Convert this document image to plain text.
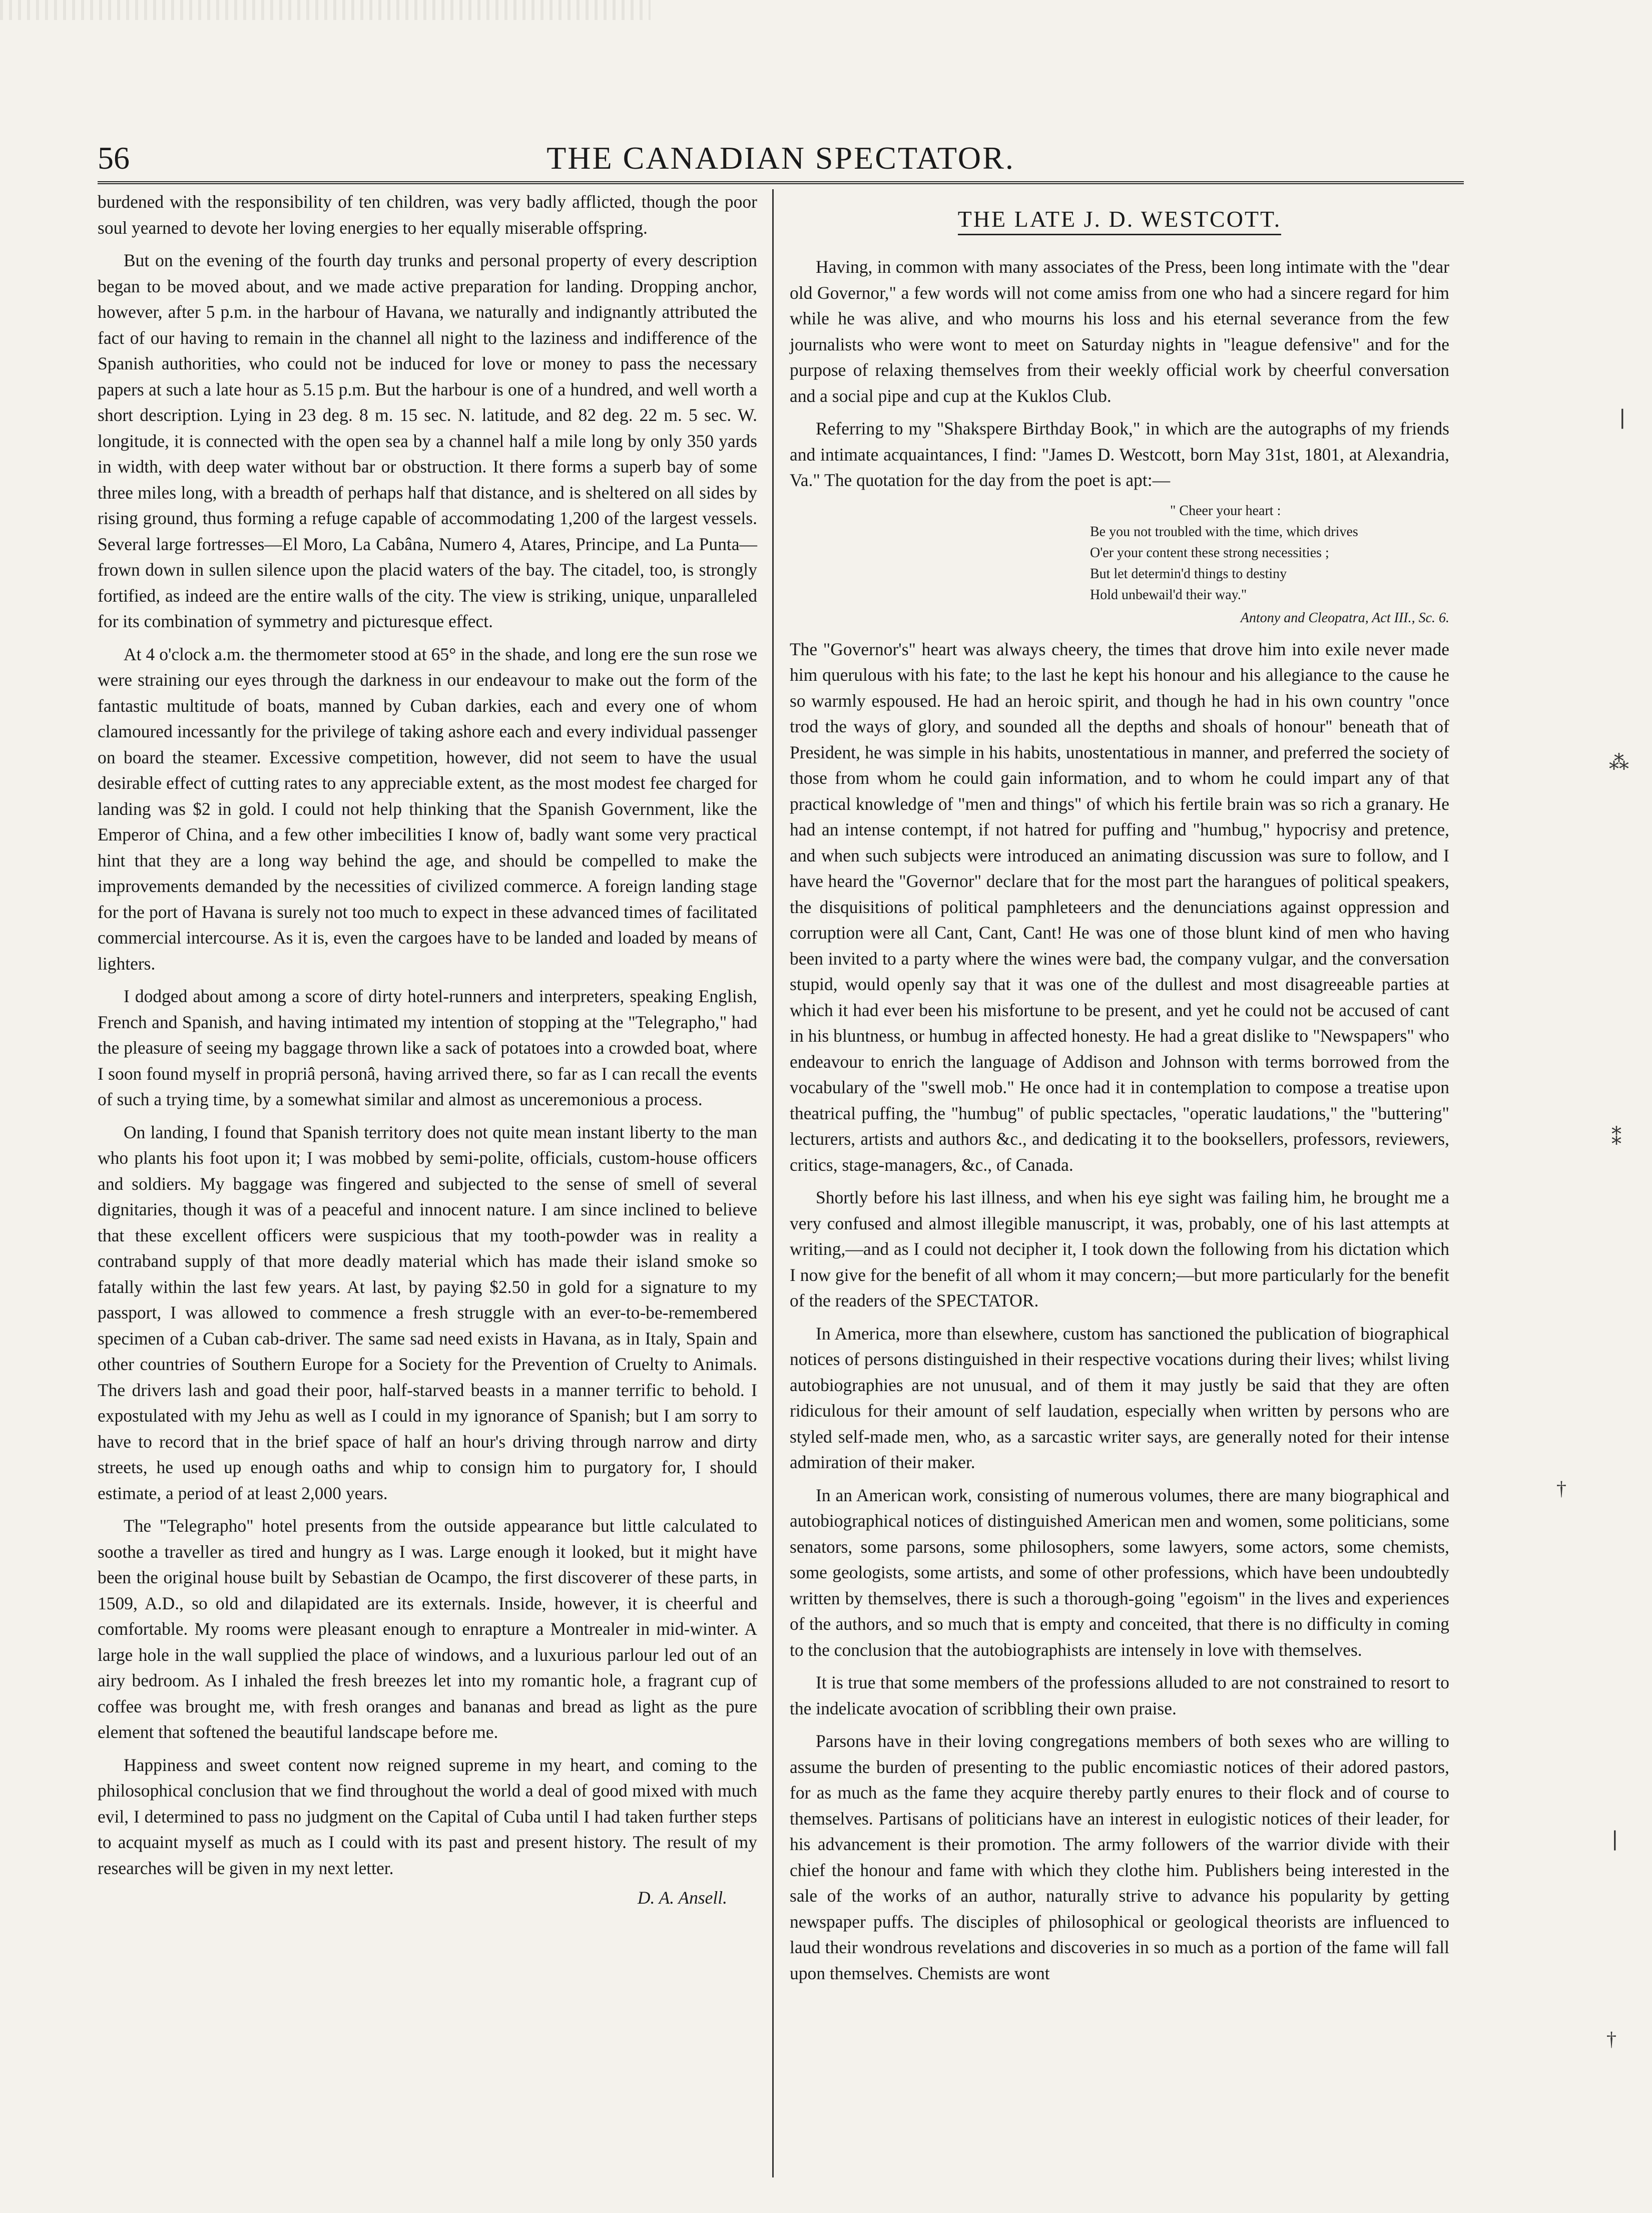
56	THE CANADIAN SPECTATOR.

burdened with the responsibility of ten children, was very badly afflicted, though the poor soul yearned to devote her loving energies to her equally miserable offspring.

But on the evening of the fourth day trunks and personal property of every description began to be moved about, and we made active preparation for landing. Dropping anchor, however, after 5 p.m. in the harbour of Havana, we naturally and indignantly attributed the fact of our having to remain in the channel all night to the laziness and indifference of the Spanish authorities, who could not be induced for love or money to pass the necessary papers at such a late hour as 5.15 p.m. But the harbour is one of a hundred, and well worth a short description. Lying in 23 deg. 8 m. 15 sec. N. latitude, and 82 deg. 22 m. 5 sec. W. longitude, it is connected with the open sea by a channel half a mile long by only 350 yards in width, with deep water without bar or obstruction. It there forms a superb bay of some three miles long, with a breadth of perhaps half that distance, and is sheltered on all sides by rising ground, thus forming a refuge capable of accommodating 1,200 of the largest vessels. Several large fortresses—El Moro, La Cabâna, Numero 4, Atares, Principe, and La Punta—frown down in sullen silence upon the placid waters of the bay. The citadel, too, is strongly fortified, as indeed are the entire walls of the city. The view is striking, unique, unparalleled for its combination of symmetry and picturesque effect.

At 4 o'clock a.m. the thermometer stood at 65° in the shade, and long ere the sun rose we were straining our eyes through the darkness in our endeavour to make out the form of the fantastic multitude of boats, manned by Cuban darkies, each and every one of whom clamoured incessantly for the privilege of taking ashore each and every individual passenger on board the steamer. Excessive competition, however, did not seem to have the usual desirable effect of cutting rates to any appreciable extent, as the most modest fee charged for landing was $2 in gold. I could not help thinking that the Spanish Government, like the Emperor of China, and a few other imbecilities I know of, badly want some very practical hint that they are a long way behind the age, and should be compelled to make the improvements demanded by the necessities of civilized commerce. A foreign landing stage for the port of Havana is surely not too much to expect in these advanced times of facilitated commercial intercourse. As it is, even the cargoes have to be landed and loaded by means of lighters.

I dodged about among a score of dirty hotel-runners and interpreters, speaking English, French and Spanish, and having intimated my intention of stopping at the "Telegrapho," had the pleasure of seeing my baggage thrown like a sack of potatoes into a crowded boat, where I soon found myself in propriâ personâ, having arrived there, so far as I can recall the events of such a trying time, by a somewhat similar and almost as unceremonious a process.

On landing, I found that Spanish territory does not quite mean instant liberty to the man who plants his foot upon it; I was mobbed by semi-polite, officials, custom-house officers and soldiers. My baggage was fingered and subjected to the sense of smell of several dignitaries, though it was of a peaceful and innocent nature. I am since inclined to believe that these excellent officers were suspicious that my tooth-powder was in reality a contraband supply of that more deadly material which has made their island smoke so fatally within the last few years. At last, by paying $2.50 in gold for a signature to my passport, I was allowed to commence a fresh struggle with an ever-to-be-remembered specimen of a Cuban cab-driver. The same sad need exists in Havana, as in Italy, Spain and other countries of Southern Europe for a Society for the Prevention of Cruelty to Animals. The drivers lash and goad their poor, half-starved beasts in a manner terrific to behold. I expostulated with my Jehu as well as I could in my ignorance of Spanish; but I am sorry to have to record that in the brief space of half an hour's driving through narrow and dirty streets, he used up enough oaths and whip to consign him to purgatory for, I should estimate, a period of at least 2,000 years.

The "Telegrapho" hotel presents from the outside appearance but little calculated to soothe a traveller as tired and hungry as I was. Large enough it looked, but it might have been the original house built by Sebastian de Ocampo, the first discoverer of these parts, in 1509, A.D., so old and dilapidated are its externals. Inside, however, it is cheerful and comfortable. My rooms were pleasant enough to enrapture a Montrealer in mid-winter. A large hole in the wall supplied the place of windows, and a luxurious parlour led out of an airy bedroom. As I inhaled the fresh breezes let into my romantic hole, a fragrant cup of coffee was brought me, with fresh oranges and bananas and bread as light as the pure element that softened the beautiful landscape before me.

Happiness and sweet content now reigned supreme in my heart, and coming to the philosophical conclusion that we find throughout the world a deal of good mixed with much evil, I determined to pass no judgment on the Capital of Cuba until I had taken further steps to acquaint myself as much as I could with its past and present history. The result of my researches will be given in my next letter.

D. A. Ansell.
THE LATE J. D. WESTCOTT.

Having, in common with many associates of the Press, been long intimate with the "dear old Governor," a few words will not come amiss from one who had a sincere regard for him while he was alive, and who mourns his loss and his eternal severance from the few journalists who were wont to meet on Saturday nights in "league defensive" and for the purpose of relaxing themselves from their weekly official work by cheerful conversation and a social pipe and cup at the Kuklos Club.

Referring to my "Shakspere Birthday Book," in which are the autographs of my friends and intimate acquaintances, I find: "James D. Westcott, born May 31st, 1801, at Alexandria, Va." The quotation for the day from the poet is apt:—

" Cheer your heart :
Be you not troubled with the time, which drives
O'er your content these strong necessities ;
But let determin'd things to destiny
Hold unbewail'd their way."
Antony and Cleopatra, Act III., Sc. 6.

The "Governor's" heart was always cheery, the times that drove him into exile never made him querulous with his fate; to the last he kept his honour and his allegiance to the cause he so warmly espoused. He had an heroic spirit, and though he had in his own country "once trod the ways of glory, and sounded all the depths and shoals of honour" beneath that of President, he was simple in his habits, unostentatious in manner, and preferred the society of those from whom he could gain information, and to whom he could impart any of that practical knowledge of "men and things" of which his fertile brain was so rich a granary. He had an intense contempt, if not hatred for puffing and "humbug," hypocrisy and pretence, and when such subjects were introduced an animating discussion was sure to follow, and I have heard the "Governor" declare that for the most part the harangues of political speakers, the disquisitions of political pamphleteers and the denunciations against oppression and corruption were all Cant, Cant, Cant! He was one of those blunt kind of men who having been invited to a party where the wines were bad, the company vulgar, and the conversation stupid, would openly say that it was one of the dullest and most disagreeable parties at which it had ever been his misfortune to be present, and yet he could not be accused of cant in his bluntness, or humbug in affected honesty. He had a great dislike to "Newspapers" who endeavour to enrich the language of Addison and Johnson with terms borrowed from the vocabulary of the "swell mob." He once had it in contemplation to compose a treatise upon theatrical puffing, the "humbug" of public spectacles, "operatic laudations," the "buttering" lecturers, artists and authors &c., and dedicating it to the booksellers, professors, reviewers, critics, stage-managers, &c., of Canada.

Shortly before his last illness, and when his eye sight was failing him, he brought me a very confused and almost illegible manuscript, it was, probably, one of his last attempts at writing,—and as I could not decipher it, I took down the following from his dictation which I now give for the benefit of all whom it may concern;—but more particularly for the benefit of the readers of the SPECTATOR.

In America, more than elsewhere, custom has sanctioned the publication of biographical notices of persons distinguished in their respective vocations during their lives; whilst living autobiographies are not unusual, and of them it may justly be said that they are often ridiculous for their amount of self laudation, especially when written by persons who are styled self-made men, who, as a sarcastic writer says, are generally noted for their intense admiration of their maker.

In an American work, consisting of numerous volumes, there are many biographical and autobiographical notices of distinguished American men and women, some politicians, some senators, some parsons, some philosophers, some lawyers, some actors, some chemists, some geologists, some artists, and some of other professions, which have been undoubtedly written by themselves, there is such a thorough-going "egoism" in the lives and experiences of the authors, and so much that is empty and conceited, that there is no difficulty in coming to the conclusion that the autobiographists are intensely in love with themselves.

It is true that some members of the professions alluded to are not constrained to resort to the indelicate avocation of scribbling their own praise.

Parsons have in their loving congregations members of both sexes who are willing to assume the burden of presenting to the public encomiastic notices of their adored pastors, for as much as the fame they acquire thereby partly enures to their flock and of course to themselves. Partisans of politicians have an interest in eulogistic notices of their leader, for his advancement is their promotion. The army followers of the warrior divide with their chief the honour and fame with which they clothe him. Publishers being interested in the sale of the works of an author, naturally strive to advance his popularity by getting newspaper puffs. The disciples of philosophical or geological theorists are influenced to laud their wondrous revelations and discoveries in so much as a portion of the fame will fall upon themselves. Chemists are wont

❘
⁂
⁑
†
❘
†
